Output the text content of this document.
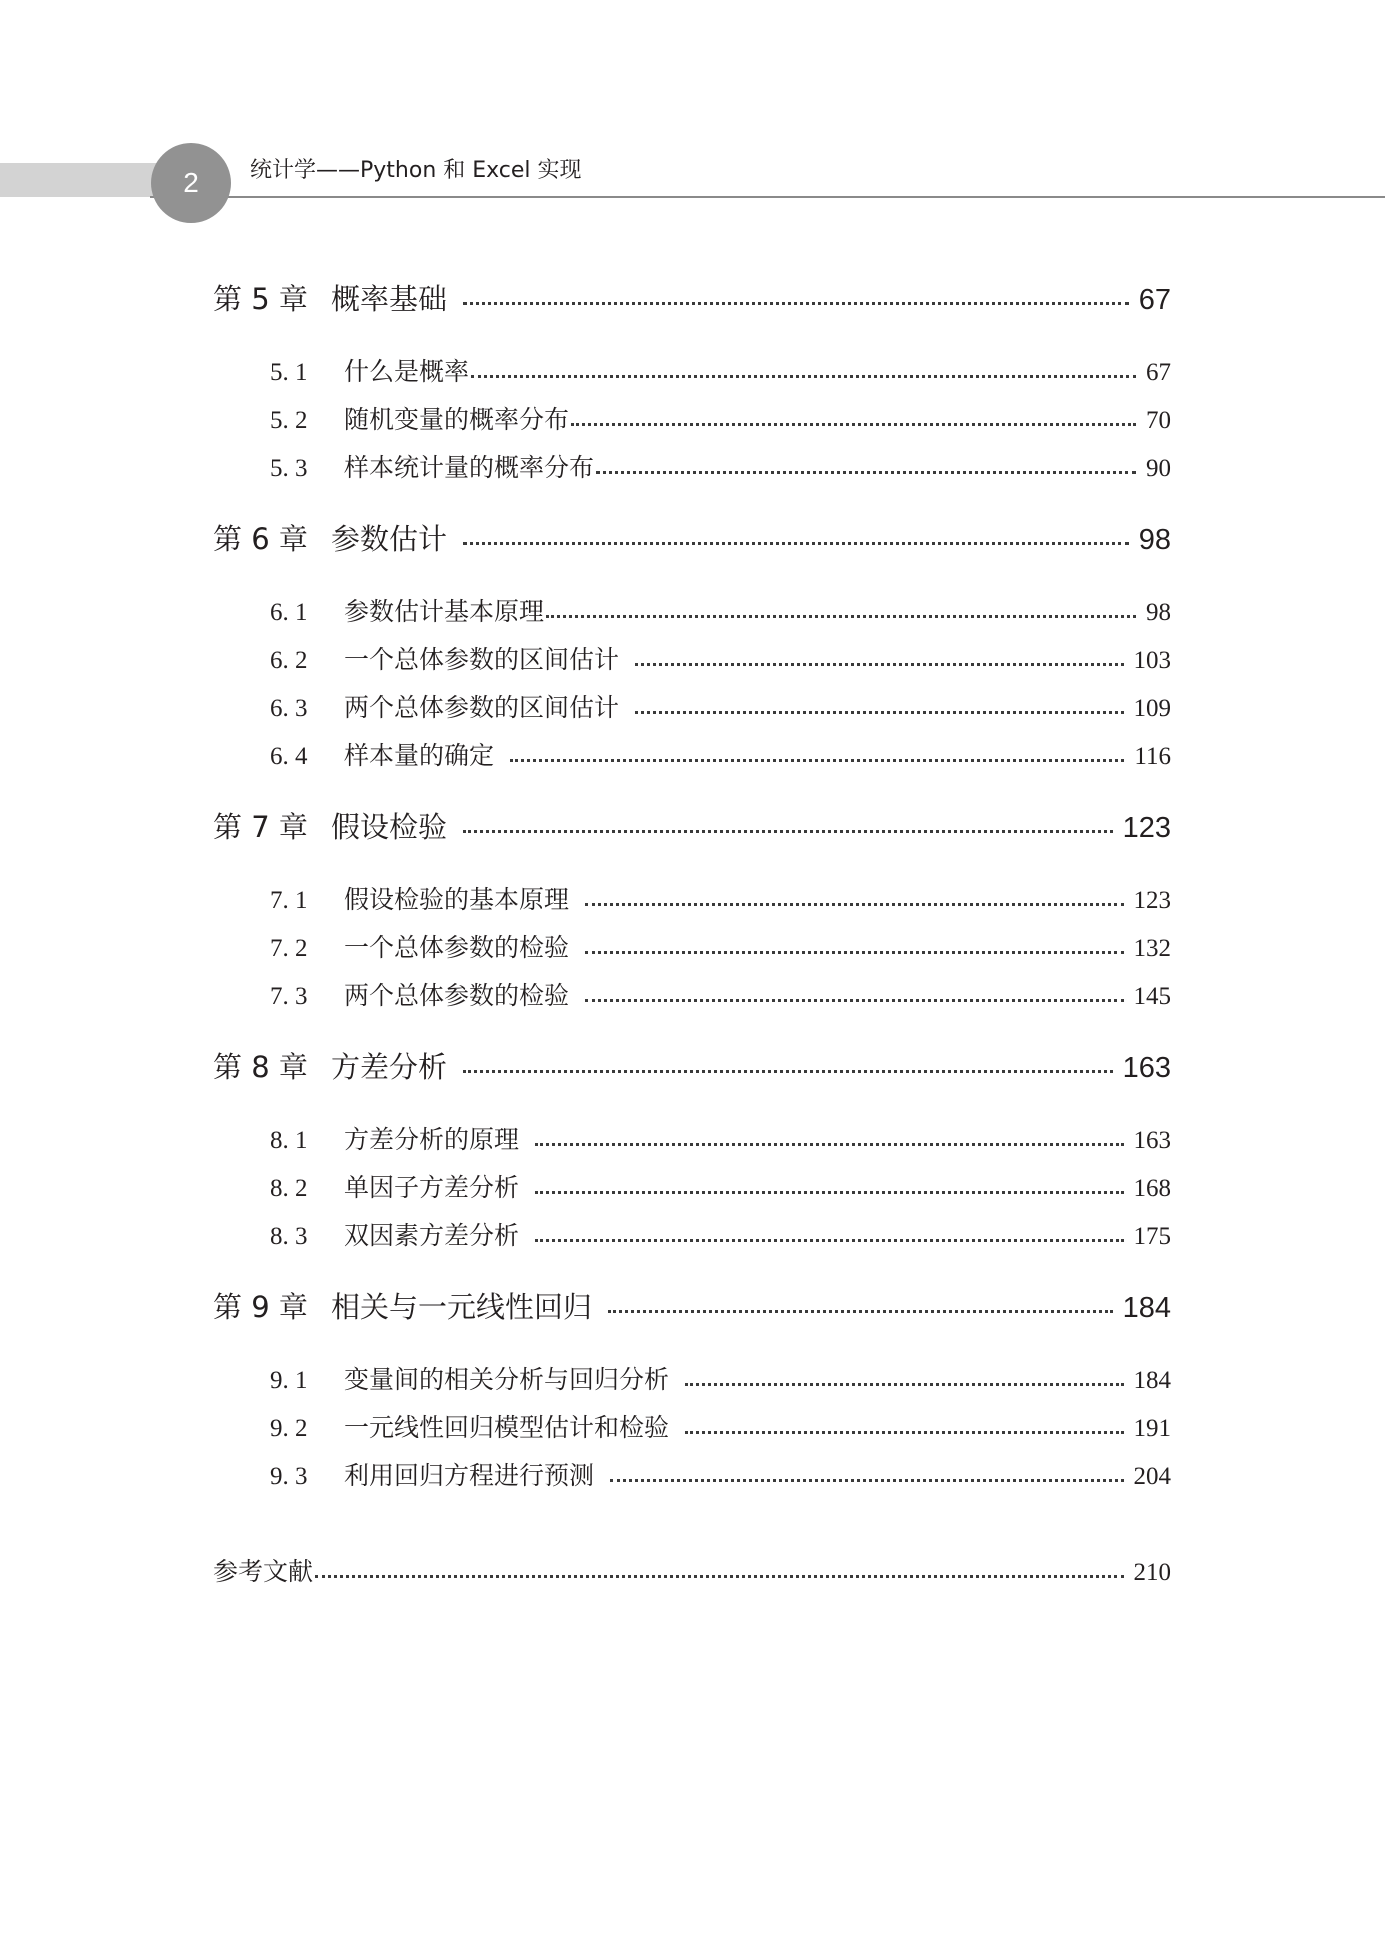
2	统计学——Python 和 Excel 实现
第 5 章 概率基础	67
5. 1	什么是概率	67
5. 2	随机变量的概率分布	70
5. 3	样本统计量的概率分布	90
第 6 章 参数估计	98
6. 1	参数估计基本原理	98
6. 2	一个总体参数的区间估计	103
6. 3	两个总体参数的区间估计	109
6. 4	样本量的确定	116
第 7 章 假设检验	123
7. 1	假设检验的基本原理	123
7. 2	一个总体参数的检验	132
7. 3	两个总体参数的检验	145
第 8 章 方差分析	163
8. 1	方差分析的原理	163
8. 2	单因子方差分析	168
8. 3	双因素方差分析	175
第 9 章 相关与一元线性回归	184
9. 1	变量间的相关分析与回归分析	184
9. 2	一元线性回归模型估计和检验	191
9. 3	利用回归方程进行预测	204
参考文献	210
